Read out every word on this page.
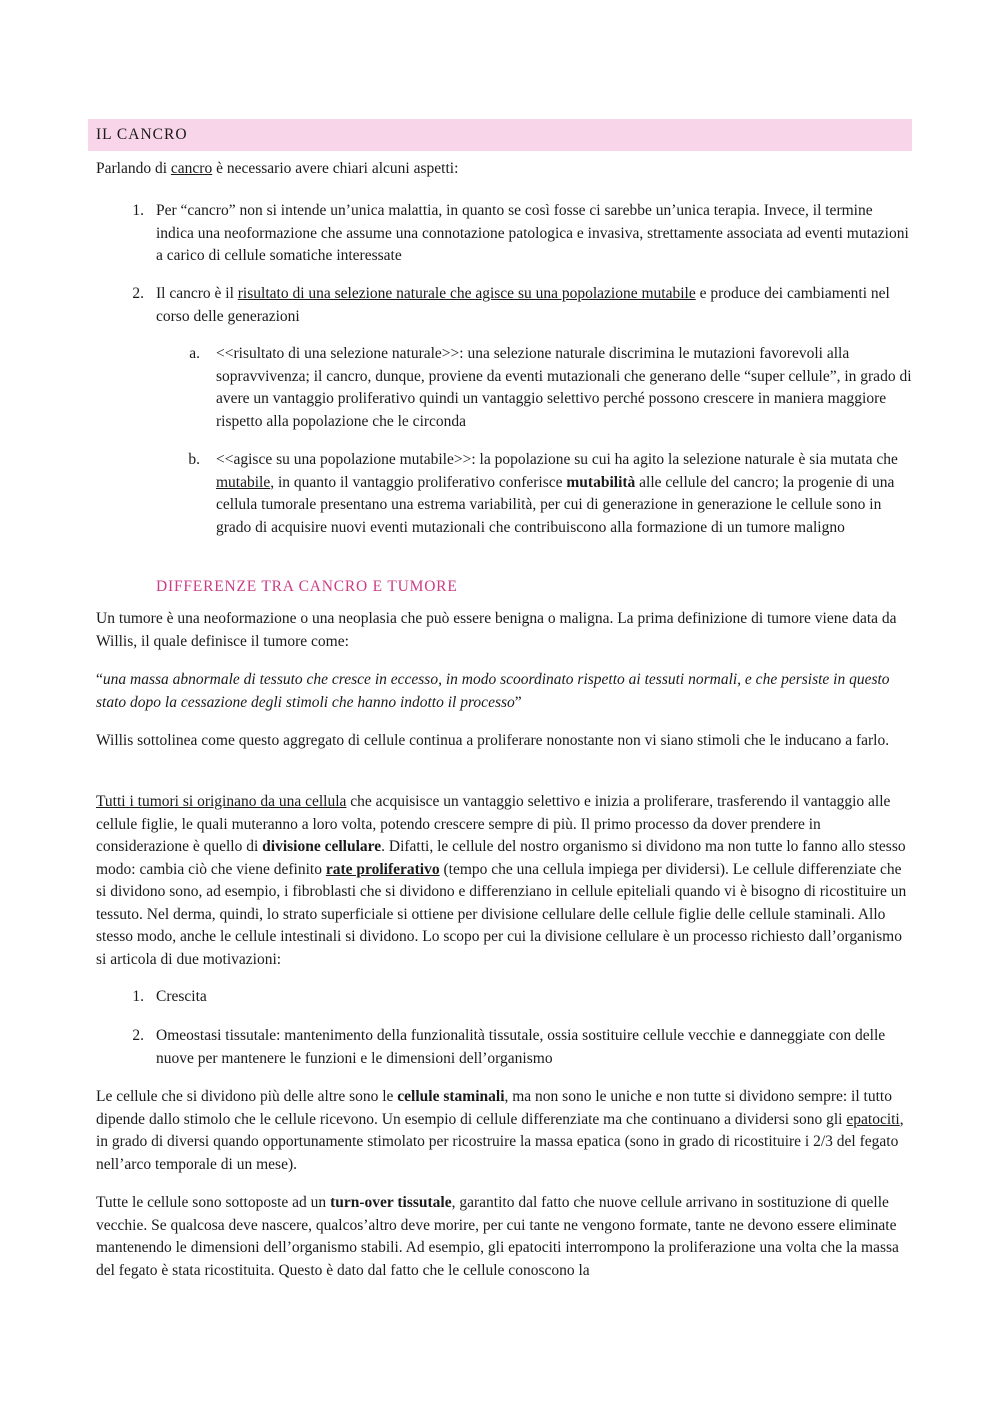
IL CANCRO

Parlando di cancro è necessario avere chiari alcuni aspetti:

1. Per “cancro” non si intende un’unica malattia, in quanto se così fosse ci sarebbe un’unica terapia. Invece, il termine indica una neoformazione che assume una connotazione patologica e invasiva, strettamente associata ad eventi mutazioni a carico di cellule somatiche interessate
2. Il cancro è il risultato di una selezione naturale che agisce su una popolazione mutabile e produce dei cambiamenti nel corso delle generazioni
a. <<risultato di una selezione naturale>>: una selezione naturale discrimina le mutazioni favorevoli alla sopravvivenza; il cancro, dunque, proviene da eventi mutazionali che generano delle “super cellule”, in grado di avere un vantaggio proliferativo quindi un vantaggio selettivo perché possono crescere in maniera maggiore rispetto alla popolazione che le circonda
b. <<agisce su una popolazione mutabile>>: la popolazione su cui ha agito la selezione naturale è sia mutata che mutabile, in quanto il vantaggio proliferativo conferisce mutabilità alle cellule del cancro; la progenie di una cellula tumorale presentano una estrema variabilità, per cui di generazione in generazione le cellule sono in grado di acquisire nuovi eventi mutazionali che contribuiscono alla formazione di un tumore maligno
DIFFERENZE TRA CANCRO E TUMORE

Un tumore è una neoformazione o una neoplasia che può essere benigna o maligna. La prima definizione di tumore viene data da Willis, il quale definisce il tumore come:

“una massa abnormale di tessuto che cresce in eccesso, in modo scoordinato rispetto ai tessuti normali, e che persiste in questo stato dopo la cessazione degli stimoli che hanno indotto il processo”

Willis sottolinea come questo aggregato di cellule continua a proliferare nonostante non vi siano stimoli che le inducano a farlo.

Tutti i tumori si originano da una cellula che acquisisce un vantaggio selettivo e inizia a proliferare, trasferendo il vantaggio alle cellule figlie, le quali muteranno a loro volta, potendo crescere sempre di più. Il primo processo da dover prendere in considerazione è quello di divisione cellulare. Difatti, le cellule del nostro organismo si dividono ma non tutte lo fanno allo stesso modo: cambia ciò che viene definito rate proliferativo (tempo che una cellula impiega per dividersi). Le cellule differenziate che si dividono sono, ad esempio, i fibroblasti che si dividono e differenziano in cellule epiteliali quando vi è bisogno di ricostituire un tessuto. Nel derma, quindi, lo strato superficiale si ottiene per divisione cellulare delle cellule figlie delle cellule staminali. Allo stesso modo, anche le cellule intestinali si dividono. Lo scopo per cui la divisione cellulare è un processo richiesto dall’organismo si articola di due motivazioni:

1. Crescita
2. Omeostasi tissutale: mantenimento della funzionalità tissutale, ossia sostituire cellule vecchie e danneggiate con delle nuove per mantenere le funzioni e le dimensioni dell’organismo

Le cellule che si dividono più delle altre sono le cellule staminali, ma non sono le uniche e non tutte si dividono sempre: il tutto dipende dallo stimolo che le cellule ricevono. Un esempio di cellule differenziate ma che continuano a dividersi sono gli epatociti, in grado di diversi quando opportunamente stimolato per ricostruire la massa epatica (sono in grado di ricostituire i 2/3 del fegato nell’arco temporale di un mese).

Tutte le cellule sono sottoposte ad un turn-over tissutale, garantito dal fatto che nuove cellule arrivano in sostituzione di quelle vecchie. Se qualcosa deve nascere, qualcos’altro deve morire, per cui tante ne vengono formate, tante ne devono essere eliminate mantenendo le dimensioni dell’organismo stabili. Ad esempio, gli epatociti interrompono la proliferazione una volta che la massa del fegato è stata ricostituita. Questo è dato dal fatto che le cellule conoscono la
